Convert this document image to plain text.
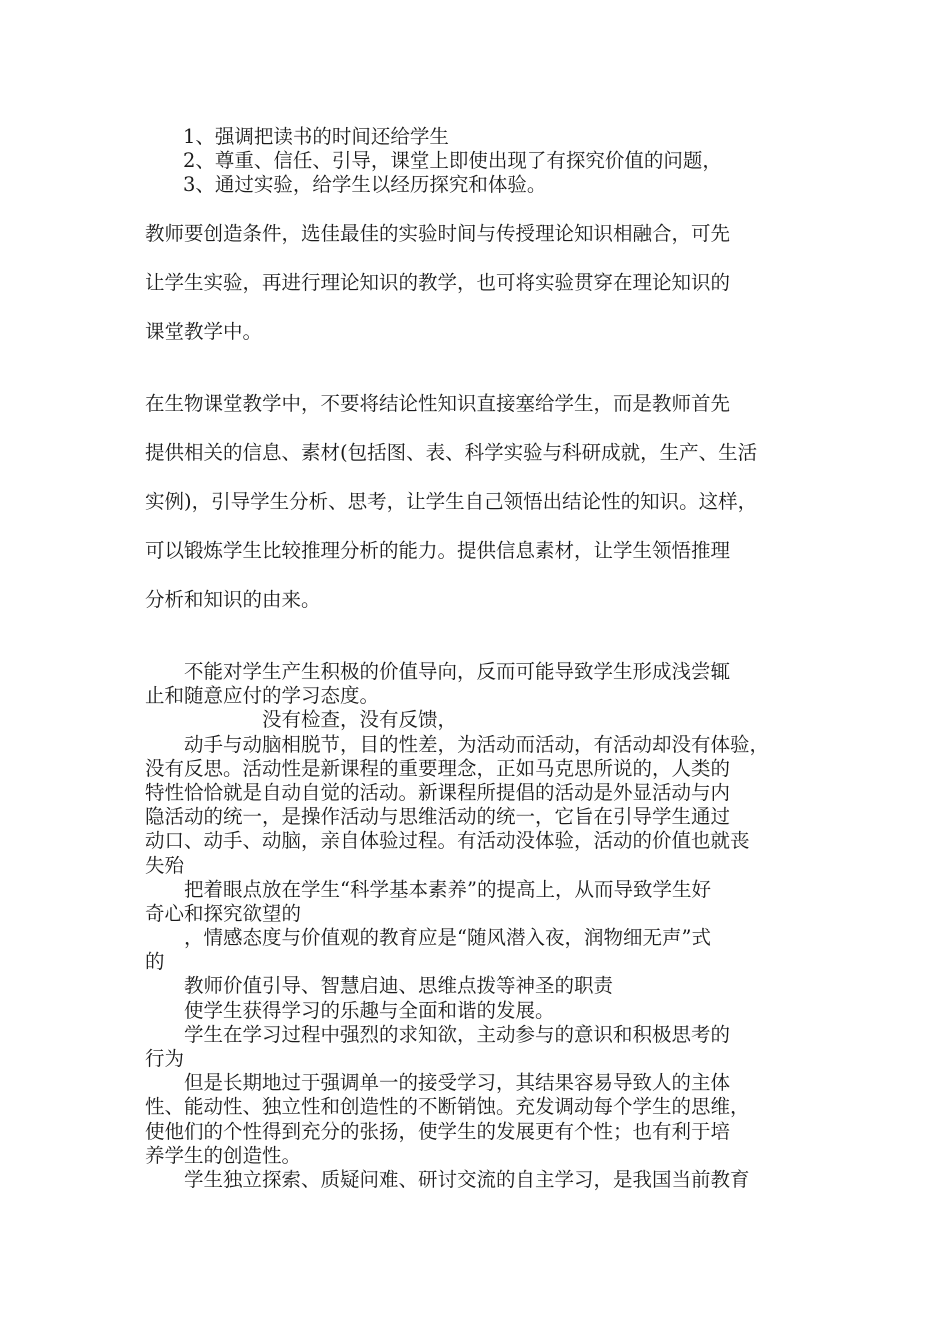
1、强调把读书的时间还给学生
2、尊重、信任、引导，课堂上即使出现了有探究价值的问题，
3、通过实验，给学生以经历探究和体验。
教师要创造条件，选佳最佳的实验时间与传授理论知识相融合，可先
让学生实验，再进行理论知识的教学，也可将实验贯穿在理论知识的
课堂教学中。
在生物课堂教学中，不要将结论性知识直接塞给学生，而是教师首先
提供相关的信息、素材(包括图、表、科学实验与科研成就，生产、生活
实例)，引导学生分析、思考，让学生自己领悟出结论性的知识。这样，
可以锻炼学生比较推理分析的能力。提供信息素材，让学生领悟推理
分析和知识的由来。
不能对学生产生积极的价值导向，反而可能导致学生形成浅尝辄
止和随意应付的学习态度。
没有检查，没有反馈，
动手与动脑相脱节，目的性差，为活动而活动，有活动却没有体验，
没有反思。活动性是新课程的重要理念，正如马克思所说的，人类的
特性恰恰就是自动自觉的活动。新课程所提倡的活动是外显活动与内
隐活动的统一，是操作活动与思维活动的统一，它旨在引导学生通过
动口、动手、动脑，亲自体验过程。有活动没体验，活动的价值也就丧
失殆
把着眼点放在学生“科学基本素养”的提高上，从而导致学生好
奇心和探究欲望的
，情感态度与价值观的教育应是“随风潜入夜，润物细无声”式
的
教师价值引导、智慧启迪、思维点拨等神圣的职责
使学生获得学习的乐趣与全面和谐的发展。
学生在学习过程中强烈的求知欲，主动参与的意识和积极思考的
行为
但是长期地过于强调单一的接受学习，其结果容易导致人的主体
性、能动性、独立性和创造性的不断销蚀。充发调动每个学生的思维，
使他们的个性得到充分的张扬，使学生的发展更有个性；也有利于培
养学生的创造性。
学生独立探索、质疑问难、研讨交流的自主学习，是我国当前教育
